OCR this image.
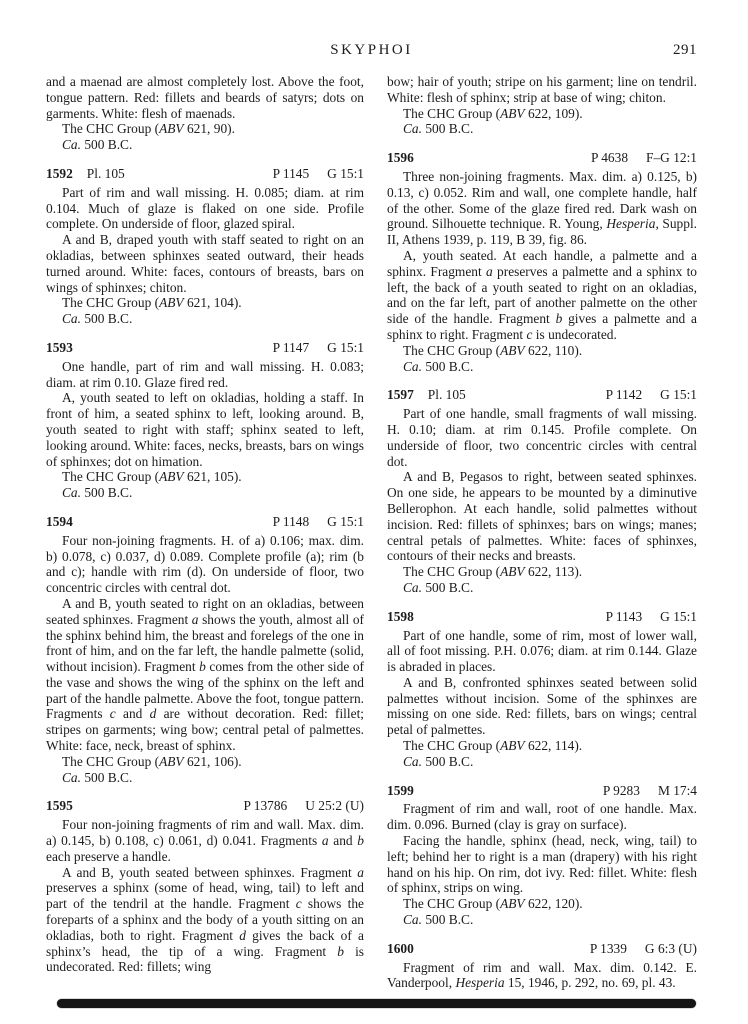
SKYPHOI	291

and a maenad are almost completely lost. Above the foot, tongue pattern. Red: fillets and beards of satyrs; dots on garments. White: flesh of maenads.

The CHC Group (ABV 621, 90).

Ca. 500 B.C.

1592 Pl. 105	P 1145 G 15:1

Part of rim and wall missing. H. 0.085; diam. at rim 0.104. Much of glaze is flaked on one side. Profile complete. On underside of floor, glazed spiral.

A and B, draped youth with staff seated to right on an okladias, between sphinxes seated outward, their heads turned around. White: faces, contours of breasts, bars on wings of sphinxes; chiton.

The CHC Group (ABV 621, 104).

Ca. 500 B.C.

1593	P 1147 G 15:1

One handle, part of rim and wall missing. H. 0.083; diam. at rim 0.10. Glaze fired red.

A, youth seated to left on okladias, holding a staff. In front of him, a seated sphinx to left, looking around. B, youth seated to right with staff; sphinx seated to left, looking around. White: faces, necks, breasts, bars on wings of sphinxes; dot on himation.

The CHC Group (ABV 621, 105).

Ca. 500 B.C.

1594	P 1148 G 15:1

Four non-joining fragments. H. of a) 0.106; max. dim. b) 0.078, c) 0.037, d) 0.089. Complete profile (a); rim (b and c); handle with rim (d). On underside of floor, two concentric circles with central dot.

A and B, youth seated to right on an okladias, between seated sphinxes. Fragment a shows the youth, almost all of the sphinx behind him, the breast and forelegs of the one in front of him, and on the far left, the handle palmette (solid, without incision). Fragment b comes from the other side of the vase and shows the wing of the sphinx on the left and part of the handle palmette. Above the foot, tongue pattern. Fragments c and d are without decoration. Red: fillet; stripes on garments; wing bow; central petal of palmettes. White: face, neck, breast of sphinx.

The CHC Group (ABV 621, 106).

Ca. 500 B.C.

1595	P 13786 U 25:2 (U)

Four non-joining fragments of rim and wall. Max. dim. a) 0.145, b) 0.108, c) 0.061, d) 0.041. Fragments a and b each preserve a handle.

A and B, youth seated between sphinxes. Fragment a preserves a sphinx (some of head, wing, tail) to left and part of the tendril at the handle. Fragment c shows the foreparts of a sphinx and the body of a youth sitting on an okladias, both to right. Fragment d gives the back of a sphinx’s head, the tip of a wing. Fragment b is undecorated. Red: fillets; wing

bow; hair of youth; stripe on his garment; line on tendril. White: flesh of sphinx; strip at base of wing; chiton.

The CHC Group (ABV 622, 109).

Ca. 500 B.C.

1596	P 4638 F–G 12:1

Three non-joining fragments. Max. dim. a) 0.125, b) 0.13, c) 0.052. Rim and wall, one complete handle, half of the other. Some of the glaze fired red. Dark wash on ground. Silhouette technique. R. Young, Hesperia, Suppl. II, Athens 1939, p. 119, B 39, fig. 86.

A, youth seated. At each handle, a palmette and a sphinx. Fragment a preserves a palmette and a sphinx to left, the back of a youth seated to right on an okladias, and on the far left, part of another palmette on the other side of the handle. Fragment b gives a palmette and a sphinx to right. Fragment c is undecorated.

The CHC Group (ABV 622, 110).

Ca. 500 B.C.

1597 Pl. 105	P 1142 G 15:1

Part of one handle, small fragments of wall missing. H. 0.10; diam. at rim 0.145. Profile complete. On underside of floor, two concentric circles with central dot.

A and B, Pegasos to right, between seated sphinxes. On one side, he appears to be mounted by a diminutive Bellerophon. At each handle, solid palmettes without incision. Red: fillets of sphinxes; bars on wings; manes; central petals of palmettes. White: faces of sphinxes, contours of their necks and breasts.

The CHC Group (ABV 622, 113).

Ca. 500 B.C.

1598	P 1143 G 15:1

Part of one handle, some of rim, most of lower wall, all of foot missing. P.H. 0.076; diam. at rim 0.144. Glaze is abraded in places.

A and B, confronted sphinxes seated between solid palmettes without incision. Some of the sphinxes are missing on one side. Red: fillets, bars on wings; central petal of palmettes.

The CHC Group (ABV 622, 114).

Ca. 500 B.C.

1599	P 9283 M 17:4

Fragment of rim and wall, root of one handle. Max. dim. 0.096. Burned (clay is gray on surface).

Facing the handle, sphinx (head, neck, wing, tail) to left; behind her to right is a man (drapery) with his right hand on his hip. On rim, dot ivy. Red: fillet. White: flesh of sphinx, strips on wing.

The CHC Group (ABV 622, 120).

Ca. 500 B.C.

1600	P 1339 G 6:3 (U)

Fragment of rim and wall. Max. dim. 0.142. E. Vanderpool, Hesperia 15, 1946, p. 292, no. 69, pl. 43.
